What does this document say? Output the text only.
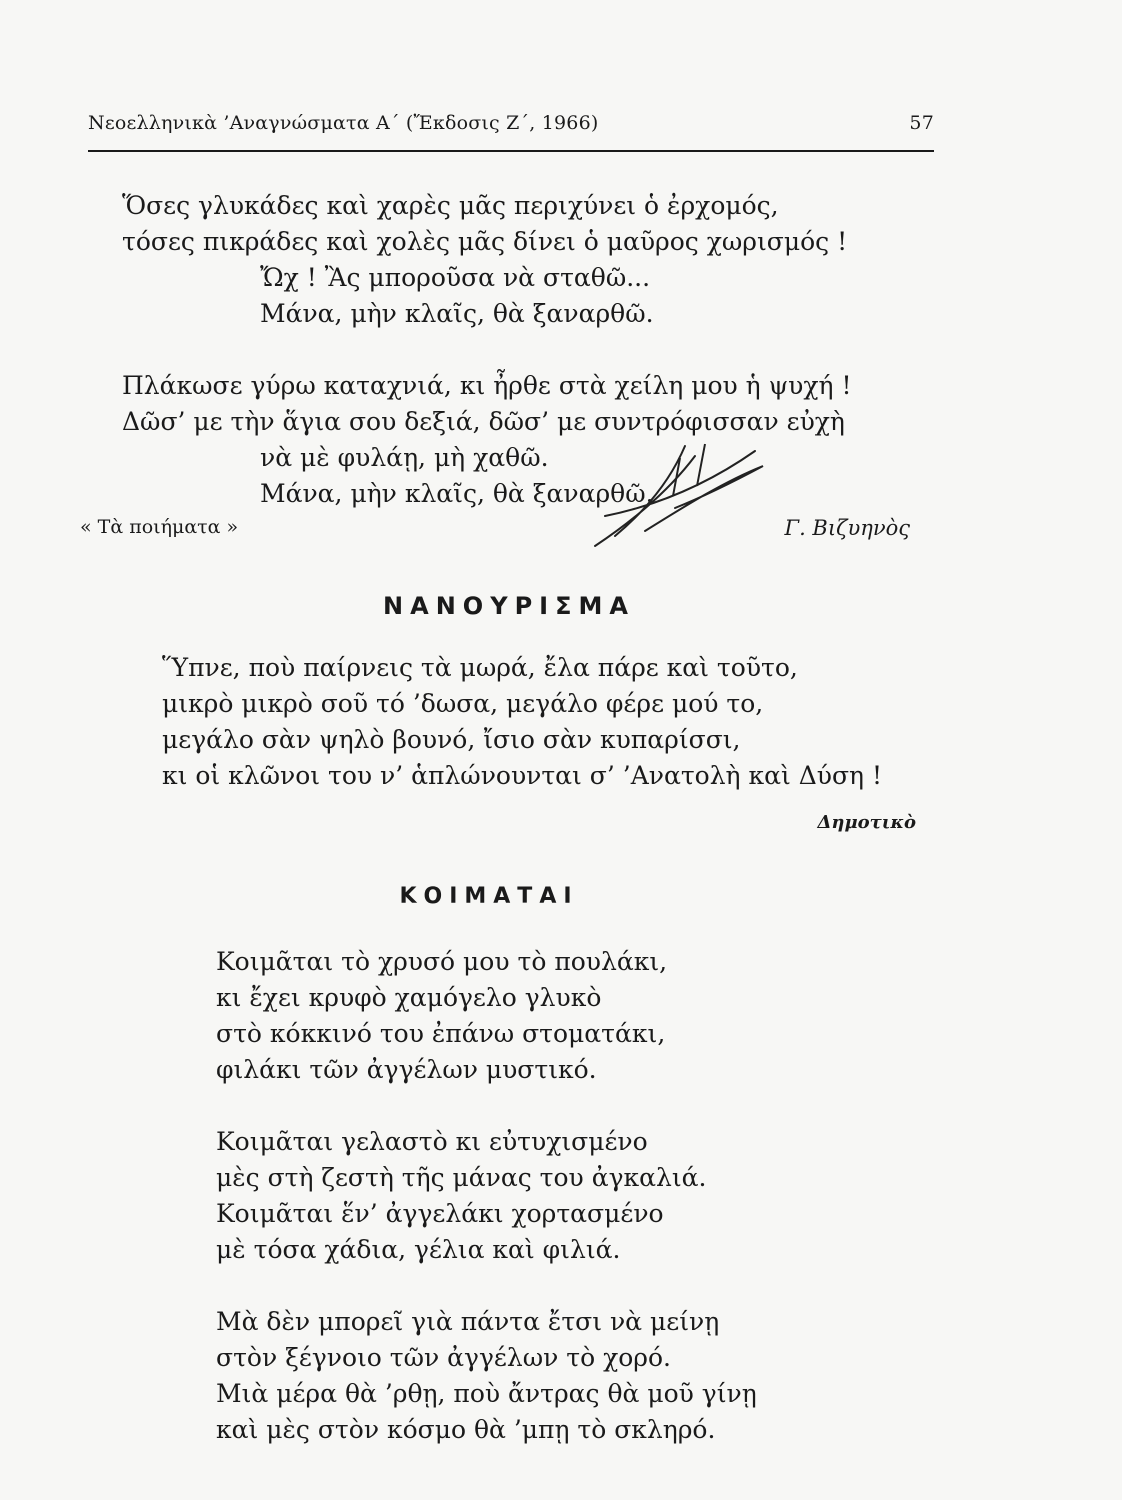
Νεοελληνικὰ ’Αναγνώσματα Α΄ (Ἔκδοσις Ζ΄, 1966)	57
Ὅσες γλυκάδες καὶ χαρὲς μᾶς περιχύνει ὁ ἐρχομός,
τόσες πικράδες καὶ χολὲς μᾶς δίνει ὁ μαῦρος χωρισμός !
Ὤχ ! Ἂς μποροῦσα νὰ σταθῶ...
Μάνα, μὴν κλαῖς, θὰ ξαναρθῶ.
Πλάκωσε γύρω καταχνιά, κι ἦρθε στὰ χείλη μου ἡ ψυχή !
Δῶσ’ με τὴν ἅγια σου δεξιά, δῶσ’ με συντρόφισσαν εὐχὴ
νὰ μὲ φυλάῃ, μὴ χαθῶ.
Μάνα, μὴν κλαῖς, θὰ ξαναρθῶ.
« Τὰ ποιήματα »	Γ. Βιζυηνὸς
ΝΑΝΟΥΡΙΣΜΑ
Ὕπνε, ποὺ παίρνεις τὰ μωρά, ἔλα πάρε καὶ τοῦτο,
μικρὸ μικρὸ σοῦ τό ’δωσα, μεγάλο φέρε μού το,
μεγάλο σὰν ψηλὸ βουνό, ἴσιο σὰν κυπαρίσσι,
κι οἱ κλῶνοι του ν’ ἁπλώνουνται σ’ ’Ανατολὴ καὶ Δύση !
Δημοτικὸ
ΚΟΙΜΑΤΑΙ
Κοιμᾶται τὸ χρυσό μου τὸ πουλάκι,
κι ἔχει κρυφὸ χαμόγελο γλυκὸ
στὸ κόκκινό του ἐπάνω στοματάκι,
φιλάκι τῶν ἀγγέλων μυστικό.
Κοιμᾶται γελαστὸ κι εὐτυχισμένο
μὲς στὴ ζεστὴ τῆς μάνας του ἀγκαλιά.
Κοιμᾶται ἕν’ ἀγγελάκι χορτασμένο
μὲ τόσα χάδια, γέλια καὶ φιλιά.
Μὰ δὲν μπορεῖ γιὰ πάντα ἔτσι νὰ μείνῃ
στὸν ξέγνοιο τῶν ἀγγέλων τὸ χορό.
Μιὰ μέρα θὰ ’ρθῃ, ποὺ ἄντρας θὰ μοῦ γίνῃ
καὶ μὲς στὸν κόσμο θὰ ’μπῃ τὸ σκληρό.
